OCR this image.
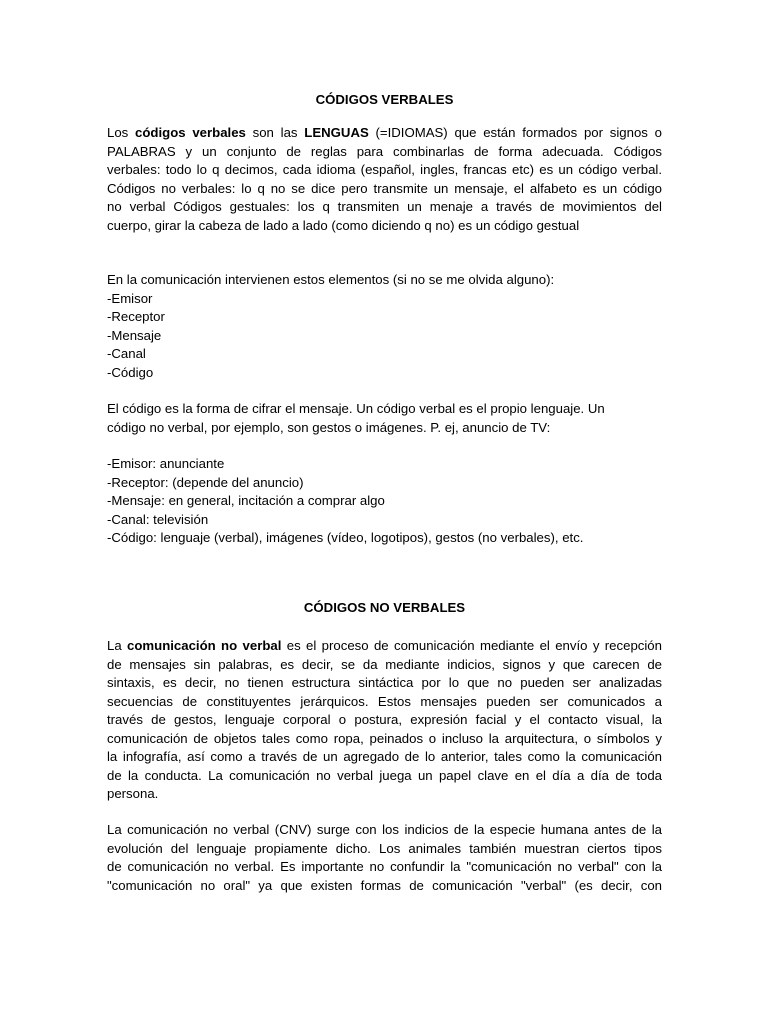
CÓDIGOS VERBALES
Los códigos verbales son las LENGUAS (=IDIOMAS) que están formados por signos o
PALABRAS y un conjunto de reglas para combinarlas de forma adecuada. Códigos
verbales: todo lo q decimos, cada idioma (español, ingles, francas etc) es un código verbal.
Códigos no verbales: lo q no se dice pero transmite un mensaje, el alfabeto es un código
no verbal Códigos gestuales: los q transmiten un menaje a través de movimientos del
cuerpo, girar la cabeza de lado a lado (como diciendo q no) es un código gestual
En la comunicación intervienen estos elementos (si no se me olvida alguno):
-Emisor
-Receptor
-Mensaje
-Canal
-Código
El código es la forma de cifrar el mensaje. Un código verbal es el propio lenguaje. Un
código no verbal, por ejemplo, son gestos o imágenes. P. ej, anuncio de TV:
-Emisor: anunciante
-Receptor: (depende del anuncio)
-Mensaje: en general, incitación a comprar algo
-Canal: televisión
-Código: lenguaje (verbal), imágenes (vídeo, logotipos), gestos (no verbales), etc.
CÓDIGOS NO VERBALES
La comunicación no verbal es el proceso de comunicación mediante el envío y recepción
de mensajes sin palabras, es decir, se da mediante indicios, signos y que carecen de
sintaxis, es decir, no tienen estructura sintáctica por lo que no pueden ser analizadas
secuencias de constituyentes jerárquicos. Estos mensajes pueden ser comunicados a
través de gestos, lenguaje corporal o postura, expresión facial y el contacto visual, la
comunicación de objetos tales como ropa, peinados o incluso la arquitectura, o símbolos y
la infografía, así como a través de un agregado de lo anterior, tales como la comunicación
de la conducta. La comunicación no verbal juega un papel clave en el día a día de toda
persona.
La comunicación no verbal (CNV) surge con los indicios de la especie humana antes de la
evolución del lenguaje propiamente dicho. Los animales también muestran ciertos tipos
de comunicación no verbal. Es importante no confundir la "comunicación no verbal" con la
"comunicación no oral" ya que existen formas de comunicación "verbal" (es decir, con
